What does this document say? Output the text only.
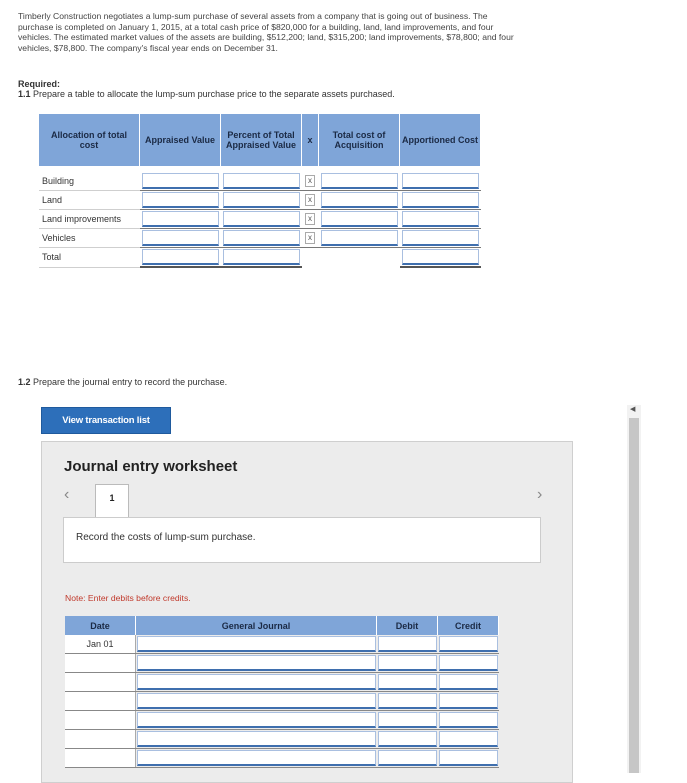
Timberly Construction negotiates a lump-sum purchase of several assets from a company that is going out of business. The purchase is completed on January 1, 2015, at a total cash price of $820,000 for a building, land, land improvements, and four vehicles. The estimated market values of the assets are building, $512,200; land, $315,200; land improvements, $78,800; and four vehicles, $78,800. The company's fiscal year ends on December 31.
Required:
1.1 Prepare a table to allocate the lump-sum purchase price to the separate assets purchased.
Allocation of total cost	Appraised Value	Percent of Total Appraised Value	x	Total cost of Acquisition	Apportioned Cost

Building			x	

Land			x	

Land improvements			x	

Vehicles			x	

Total	

1.2 Prepare the journal entry to record the purchase.
View transaction list
Journal entry worksheet
‹	1	›
Record the costs of lump-sum purchase.
Note: Enter debits before credits.
Date	General Journal	Debit	Credit
Jan 01	

◀
